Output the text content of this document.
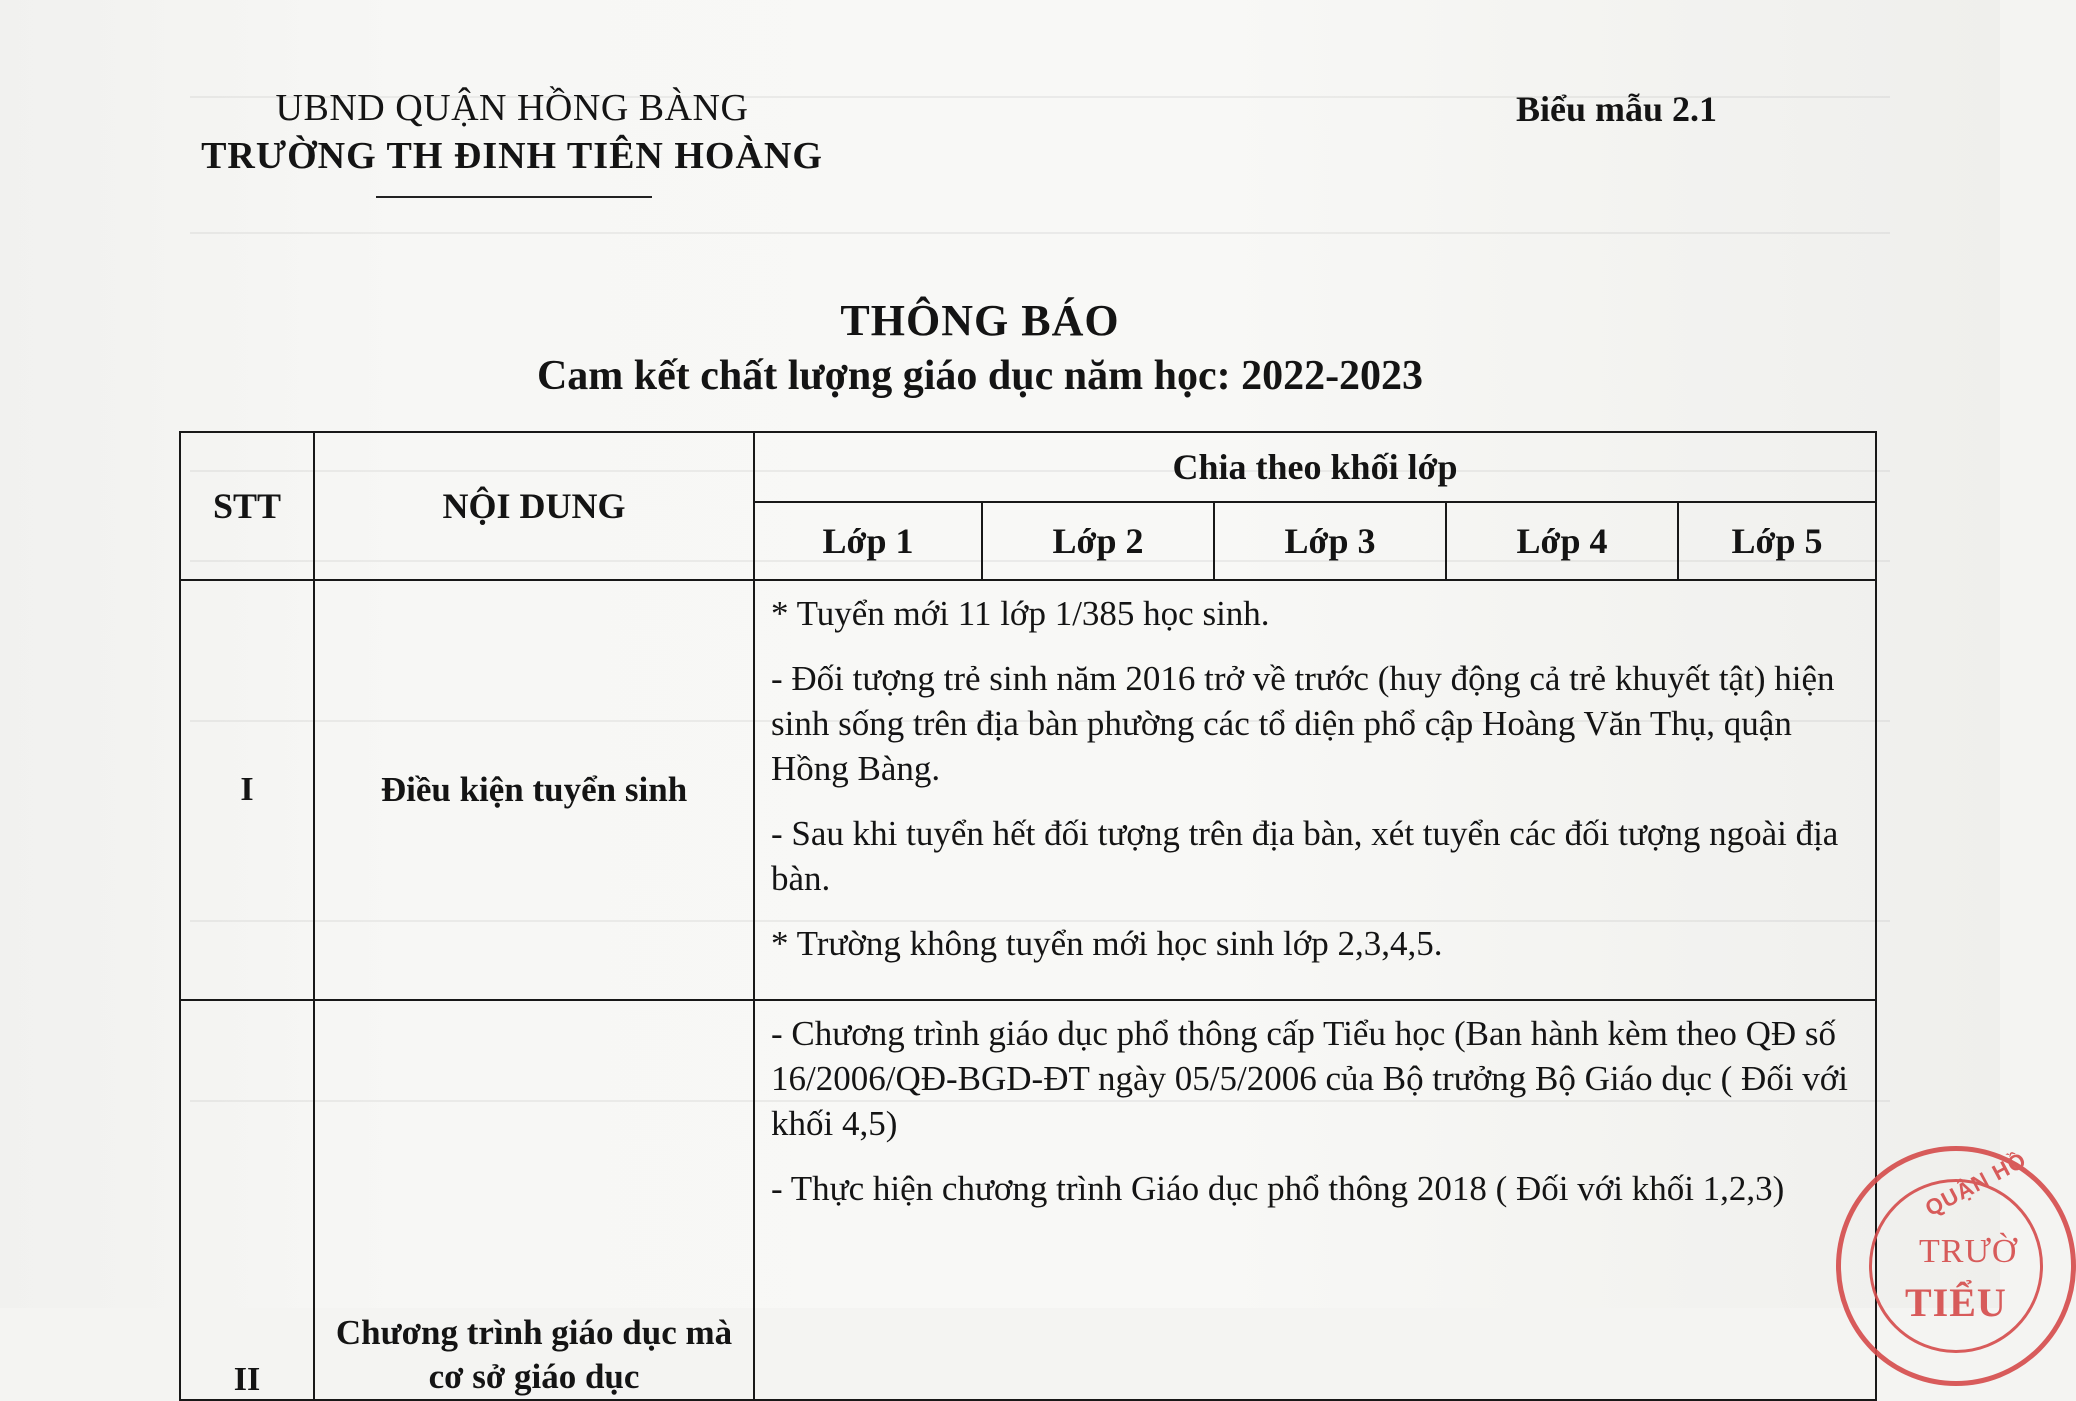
UBND QUẬN HỒNG BÀNG
TRƯỜNG TH ĐINH TIÊN HOÀNG
Biểu mẫu 2.1
THÔNG BÁO
Cam kết chất lượng giáo dục năm học: 2022-2023
STT	NỘI DUNG	Chia theo khối lớp				
		Lớp 1	Lớp 2	Lớp 3	Lớp 4	Lớp 5
I	Điều kiện tuyển sinh	* Tuyển mới 11 lớp 1/385 học sinh.

- Đối tượng trẻ sinh năm 2016 trở về trước (huy động cả trẻ khuyết tật) hiện sinh sống trên địa bàn phường các tổ diện phổ cập Hoàng Văn Thụ, quận Hồng Bàng.

- Sau khi tuyển hết đối tượng trên địa bàn, xét tuyển các đối tượng ngoài địa bàn.

* Trường không tuyển mới học sinh lớp 2,3,4,5.				

II	Chương trình giáo dục mà cơ sở giáo dục	- Chương trình giáo dục phổ thông cấp Tiểu học (Ban hành kèm theo QĐ số 16/2006/QĐ-BGD-ĐT ngày 05/5/2006 của Bộ trưởng Bộ Giáo dục ( Đối với khối 4,5)

- Thực hiện chương trình Giáo dục phổ thông 2018 ( Đối với khối 1,2,3)					QUẬN HỒ
TRƯỜ
TIỂU
